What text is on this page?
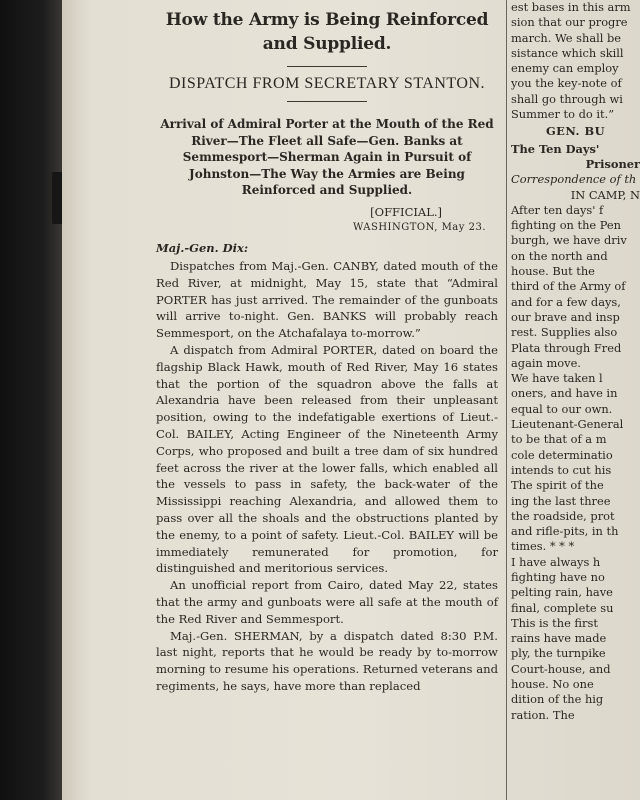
How the Army is Being Reinforced and Supplied.
DISPATCH FROM SECRETARY STANTON.
Arrival of Admiral Porter at the Mouth of the Red River—The Fleet all Safe—Gen. Banks at Semmesport—Sherman Again in Pursuit of Johnston—The Way the Armies are Being Reinforced and Supplied.
[OFFICIAL.]
WASHINGTON, May 23.
Maj.-Gen. Dix:

Dispatches from Maj.-Gen. CANBY, dated mouth of the Red River, at midnight, May 15, state that “Admiral PORTER has just arrived. The remainder of the gunboats will arrive to-night. Gen. BANKS will probably reach Semmesport, on the Atchafalaya to-morrow.”

A dispatch from Admiral PORTER, dated on board the flagship Black Hawk, mouth of Red River, May 16 states that the portion of the squadron above the falls at Alexandria have been released from their unpleasant position, owing to the indefatigable exertions of Lieut.-Col. BAILEY, Acting Engineer of the Nineteenth Army Corps, who proposed and built a tree dam of six hundred feet across the river at the lower falls, which enabled all the vessels to pass in safety, the back-water of the Mississippi reaching Alexandria, and allowed them to pass over all the shoals and the obstructions planted by the enemy, to a point of safety. Lieut.-Col. BAILEY will be immediately remunerated for promotion, for distinguished and meritorious services.

An unofficial report from Cairo, dated May 22, states that the army and gunboats were all safe at the mouth of the Red River and Semmesport.

Maj.-Gen. SHERMAN, by a dispatch dated 8:30 P.M. last night, reports that he would be ready by to-morrow morning to resume his operations. Returned veterans and regiments, he says, have more than replaced

est bases in this arm
sion that our progre
march. We shall be
sistance which skill
enemy can employ
you the key-note of
shall go through wi
Summer to do it.”
GEN. BU
The Ten Days'
Prisoner
Correspondence of th
IN CAMP, N
After ten days' f
fighting on the Pen
burgh, we have driv
on the north and
house. But the
third of the Army of
and for a few days,
our brave and insp
rest. Supplies also
Plata through Fred
again move.
We have taken l
oners, and have in
equal to our own.
Lieutenant-General
to be that of a m
cole determinatio
intends to cut his
The spirit of the
ing the last three
the roadside, prot
and rifle-pits, in th
times. * * *
I have always h
fighting have no
pelting rain, have
final, complete su
This is the first
rains have made
ply, the turnpike
Court-house, and
house. No one
dition of the hig
ration. The
